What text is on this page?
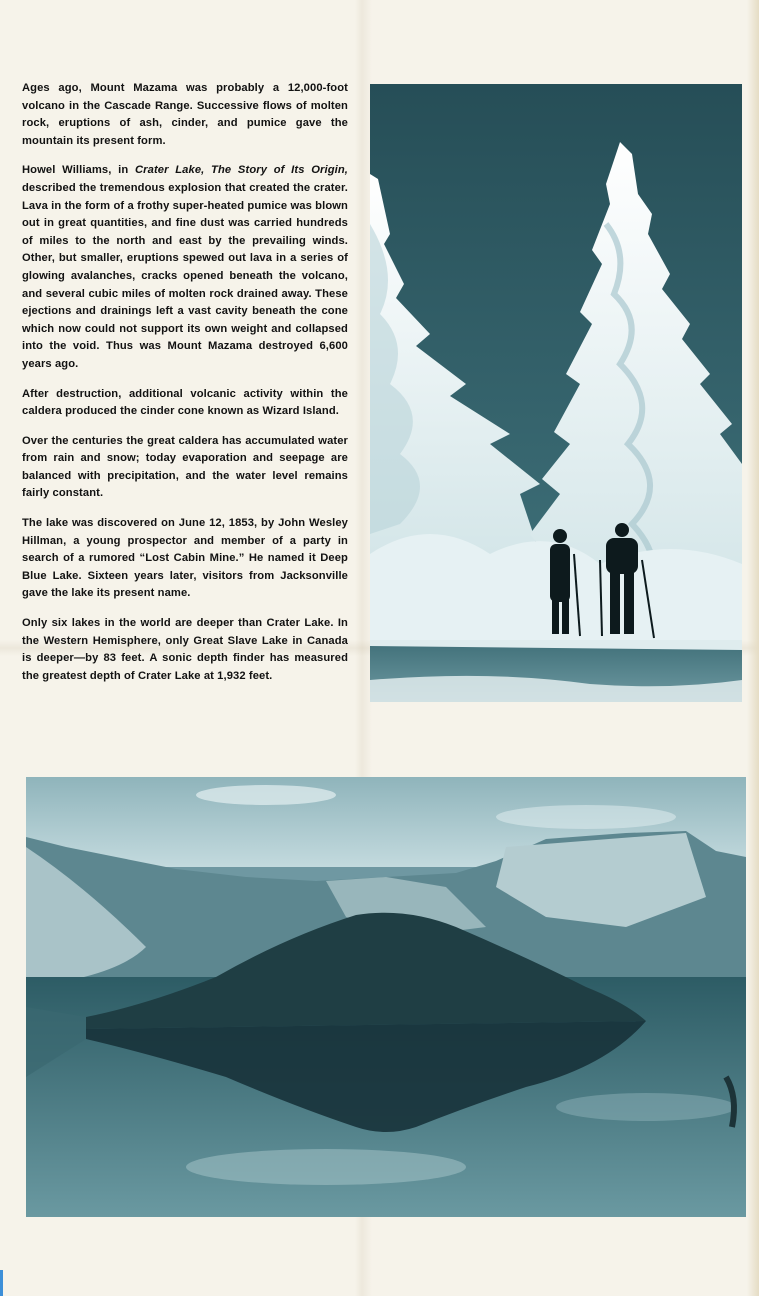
Ages ago, Mount Mazama was probably a 12,000-foot volcano in the Cascade Range. Successive flows of molten rock, eruptions of ash, cinder, and pumice gave the mountain its present form.

Howel Williams, in Crater Lake, The Story of Its Origin, described the tremendous explosion that created the crater. Lava in the form of a frothy super-heated pumice was blown out in great quantities, and fine dust was carried hundreds of miles to the north and east by the prevailing winds. Other, but smaller, eruptions spewed out lava in a series of glowing avalanches, cracks opened beneath the volcano, and several cubic miles of molten rock drained away. These ejections and drainings left a vast cavity beneath the cone which now could not support its own weight and collapsed into the void. Thus was Mount Mazama destroyed 6,600 years ago.

After destruction, additional volcanic activity within the caldera produced the cinder cone known as Wizard Island.

Over the centuries the great caldera has accumulated water from rain and snow; today evaporation and seepage are balanced with precipitation, and the water level remains fairly constant.

The lake was discovered on June 12, 1853, by John Wesley Hillman, a young prospector and member of a party in search of a rumored “Lost Cabin Mine.” He named it Deep Blue Lake. Sixteen years later, visitors from Jacksonville gave the lake its present name.

Only six lakes in the world are deeper than Crater Lake. In the Western Hemisphere, only Great Slave Lake in Canada is deeper—by 83 feet. A sonic depth finder has measured the greatest depth of Crater Lake at 1,932 feet.
